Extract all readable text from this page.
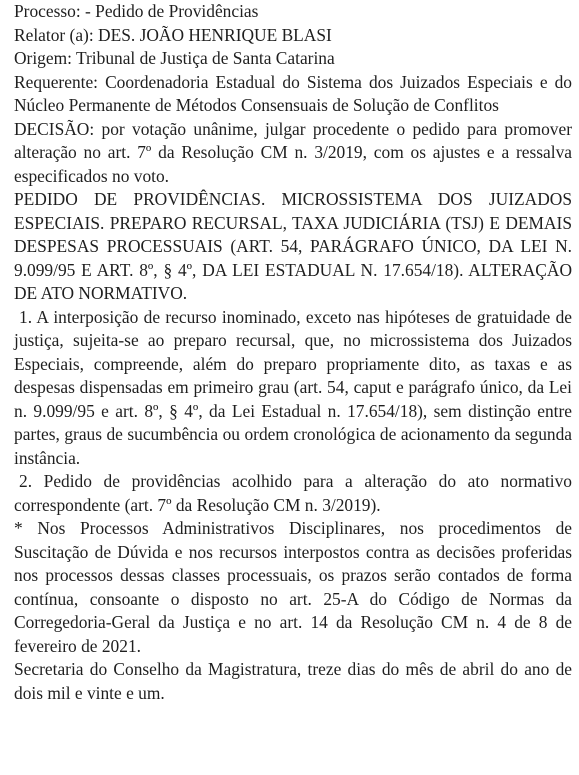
Processo: - Pedido de Providências

Relator (a): DES. JOÃO HENRIQUE BLASI

Origem: Tribunal de Justiça de Santa Catarina

Requerente: Coordenadoria Estadual do Sistema dos Juizados Especiais e do Núcleo Permanente de Métodos Consensuais de Solução de Conflitos

DECISÃO: por votação unânime, julgar procedente o pedido para promover alteração no art. 7º da Resolução CM n. 3/2019, com os ajustes e a ressalva especificados no voto.

PEDIDO DE PROVIDÊNCIAS. MICROSSISTEMA DOS JUIZADOS ESPECIAIS. PREPARO RECURSAL, TAXA JUDICIÁRIA (TSJ) E DEMAIS DESPESAS PROCESSUAIS (ART. 54, PARÁGRAFO ÚNICO, DA LEI N. 9.099/95 E ART. 8º, § 4º, DA LEI ESTADUAL N. 17.654/18). ALTERAÇÃO DE ATO NORMATIVO.

1. A interposição de recurso inominado, exceto nas hipóteses de gratuidade de justiça, sujeita-se ao preparo recursal, que, no microssistema dos Juizados Especiais, compreende, além do preparo propriamente dito, as taxas e as despesas dispensadas em primeiro grau (art. 54, caput e parágrafo único, da Lei n. 9.099/95 e art. 8º, § 4º, da Lei Estadual n. 17.654/18), sem distinção entre partes, graus de sucumbência ou ordem cronológica de acionamento da segunda instância.

2. Pedido de providências acolhido para a alteração do ato normativo correspondente (art. 7º da Resolução CM n. 3/2019).

* Nos Processos Administrativos Disciplinares, nos procedimentos de Suscitação de Dúvida e nos recursos interpostos contra as decisões proferidas nos processos dessas classes processuais, os prazos serão contados de forma contínua, consoante o disposto no art. 25-A do Código de Normas da Corregedoria-Geral da Justiça e no art. 14 da Resolução CM n. 4 de 8 de fevereiro de 2021.

Secretaria do Conselho da Magistratura, treze dias do mês de abril do ano de dois mil e vinte e um.
